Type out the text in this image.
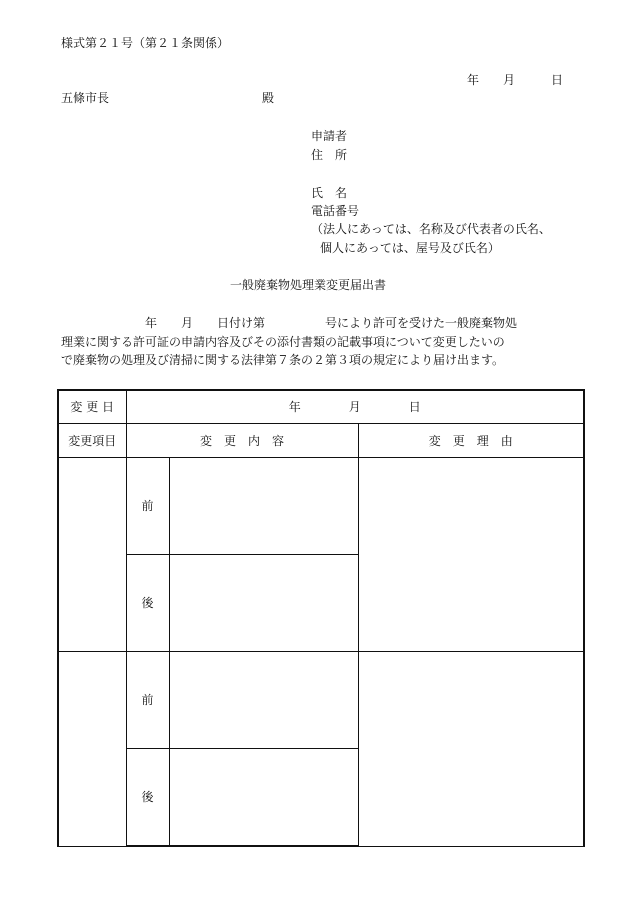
様式第２１号（第２１条関係）
年　　月　　　日
五條市長	殿
申請者
住　所
氏　名
電話番号
（法人にあっては、名称及び代表者の氏名、
個人にあっては、屋号及び氏名）
一般廃棄物処理業変更届出書
年　　月　　日付け第　　　　　号により許可を受けた一般廃棄物処
理業に関する許可証の申請内容及びその添付書類の記載事項について変更したいの
で廃棄物の処理及び清掃に関する法律第７条の２第３項の規定により届け出ます。
変 更 日	年　　　　月　　　　日		
変更項目	変　更　内　容		変　更　理　由
	前		
	後		
	前		
	後		
